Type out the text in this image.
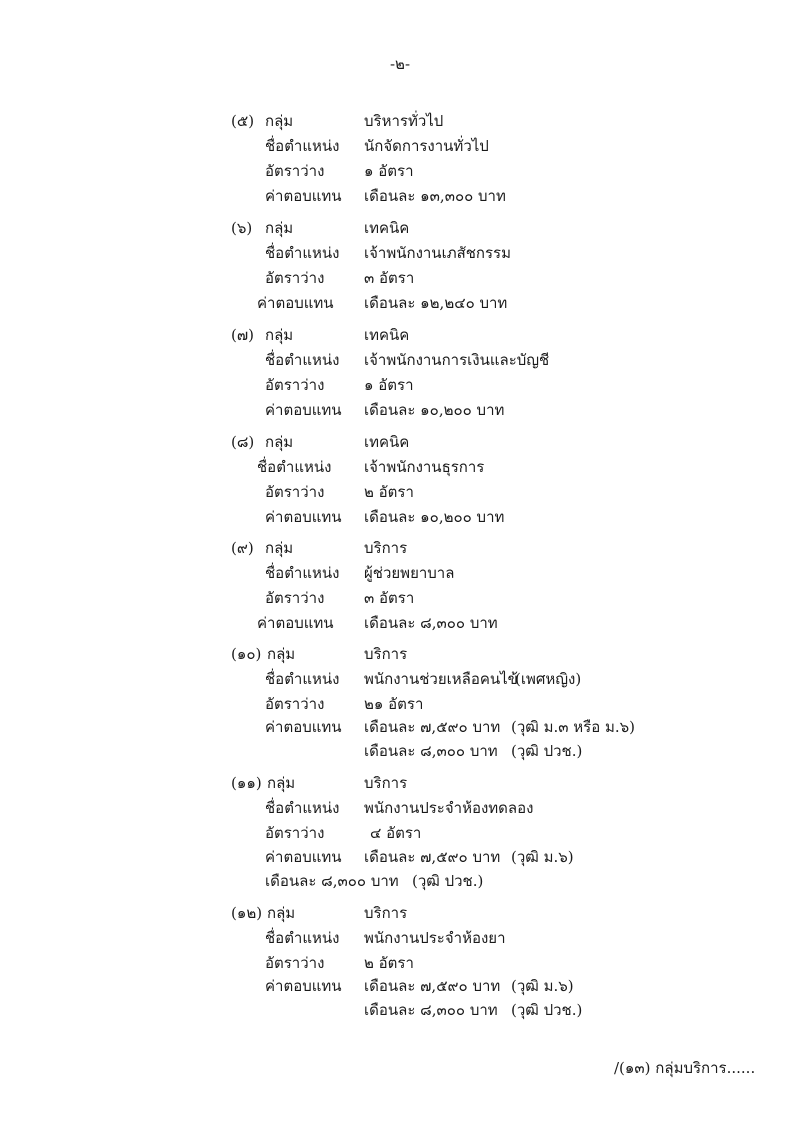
-๒-
(๕) กลุ่ม	บริหารทั่วไป
ชื่อตำแหน่ง นักจัดการงานทั่วไป
อัตราว่าง	๑ อัตรา
ค่าตอบแทน เดือนละ ๑๓,๓๐๐ บาท
(๖) กลุ่ม	เทคนิค
ชื่อตำแหน่ง เจ้าพนักงานเภสัชกรรม
อัตราว่าง	๓ อัตรา
ค่าตอบแทน เดือนละ ๑๒,๒๔๐ บาท
(๗) กลุ่ม	เทคนิค
ชื่อตำแหน่ง เจ้าพนักงานการเงินและบัญชี
อัตราว่าง	๑ อัตรา
ค่าตอบแทน เดือนละ ๑๐,๒๐๐ บาท
(๘) กลุ่ม	เทคนิค
ชื่อตำแหน่ง เจ้าพนักงานธุรการ
อัตราว่าง	๒ อัตรา
ค่าตอบแทน เดือนละ ๑๐,๒๐๐ บาท
(๙) กลุ่ม	บริการ
ชื่อตำแหน่ง ผู้ช่วยพยาบาล
อัตราว่าง	๓ อัตรา
ค่าตอบแทน เดือนละ ๘,๓๐๐ บาท
(๑๐) กลุ่ม	บริการ
ชื่อตำแหน่ง พนักงานช่วยเหลือคนไข้
(เพศหญิง)
อัตราว่าง	๒๑ อัตรา
ค่าตอบแทน เดือนละ ๗,๕๙๐ บาท (วุฒิ ม.๓ หรือ ม.๖)
เดือนละ ๘,๓๐๐ บาท (วุฒิ ปวช.)
(๑๑) กลุ่ม	บริการ
ชื่อตำแหน่ง พนักงานประจำห้องทดลอง
อัตราว่าง	๔ อัตรา
ค่าตอบแทน เดือนละ ๗,๕๙๐ บาท (วุฒิ ม.๖)
เดือนละ ๘,๓๐๐ บาท (วุฒิ ปวช.)
(๑๒) กลุ่ม	บริการ
ชื่อตำแหน่ง พนักงานประจำห้องยา
อัตราว่าง	๒ อัตรา
ค่าตอบแทน เดือนละ ๗,๕๙๐ บาท (วุฒิ ม.๖)
เดือนละ ๘,๓๐๐ บาท (วุฒิ ปวช.)
/(๑๓) กลุ่มบริการ......
